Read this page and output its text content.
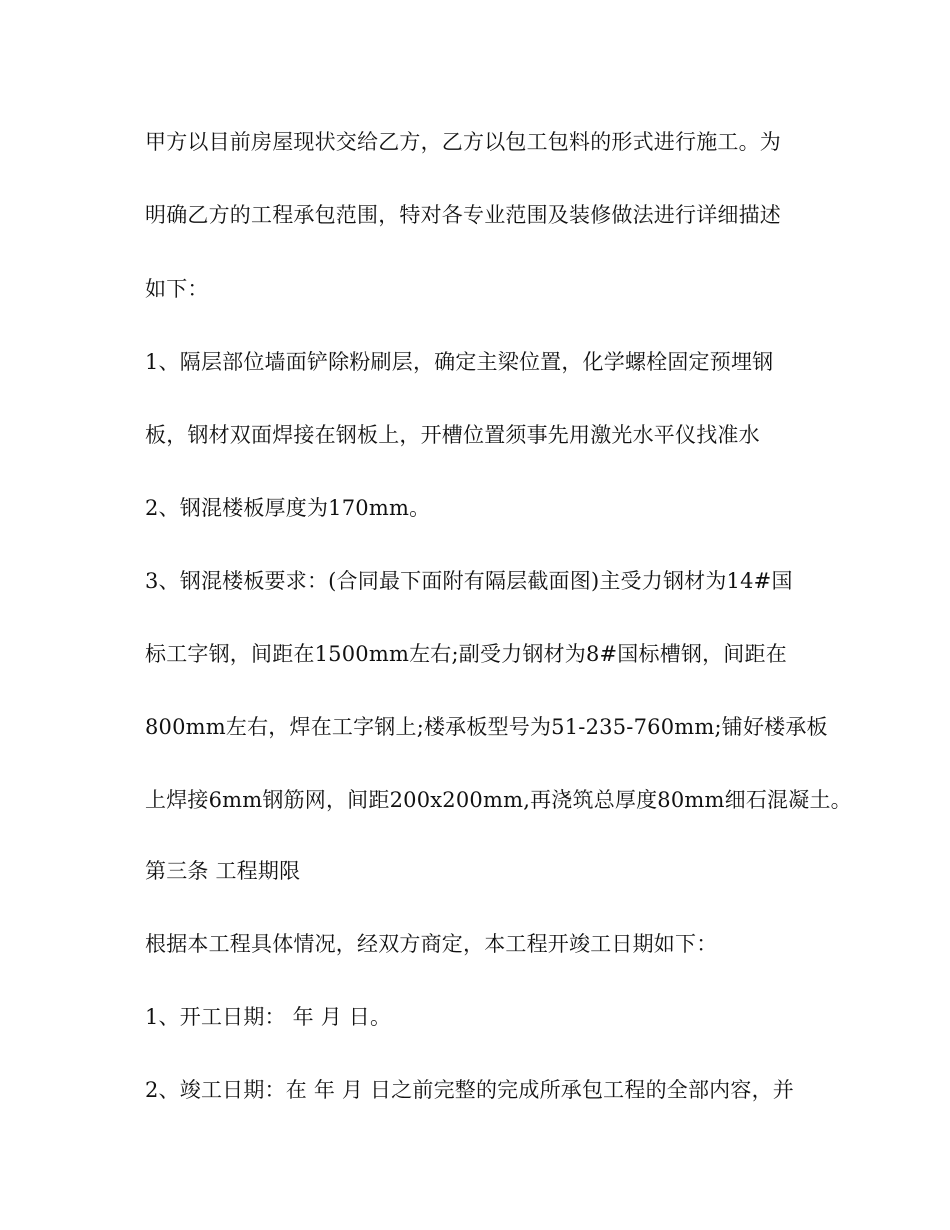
甲方以目前房屋现状交给乙方，乙方以包工包料的形式进行施工。为

明确乙方的工程承包范围，特对各专业范围及装修做法进行详细描述

如下：

1、隔层部位墙面铲除粉刷层，确定主梁位置，化学螺栓固定预埋钢

板，钢材双面焊接在钢板上，开槽位置须事先用激光水平仪找准水

2、钢混楼板厚度为170mm。

3、钢混楼板要求：(合同最下面附有隔层截面图)主受力钢材为14#国

标工字钢，间距在1500mm左右;副受力钢材为8#国标槽钢，间距在

800mm左右，焊在工字钢上;楼承板型号为51-235-760mm;铺好楼承板

上焊接6mm钢筋网，间距200x200mm,再浇筑总厚度80mm细石混凝土。

第三条 工程期限

根据本工程具体情况，经双方商定，本工程开竣工日期如下：

1、开工日期： 年 月 日。

2、竣工日期：在 年 月 日之前完整的完成所承包工程的全部内容，并
